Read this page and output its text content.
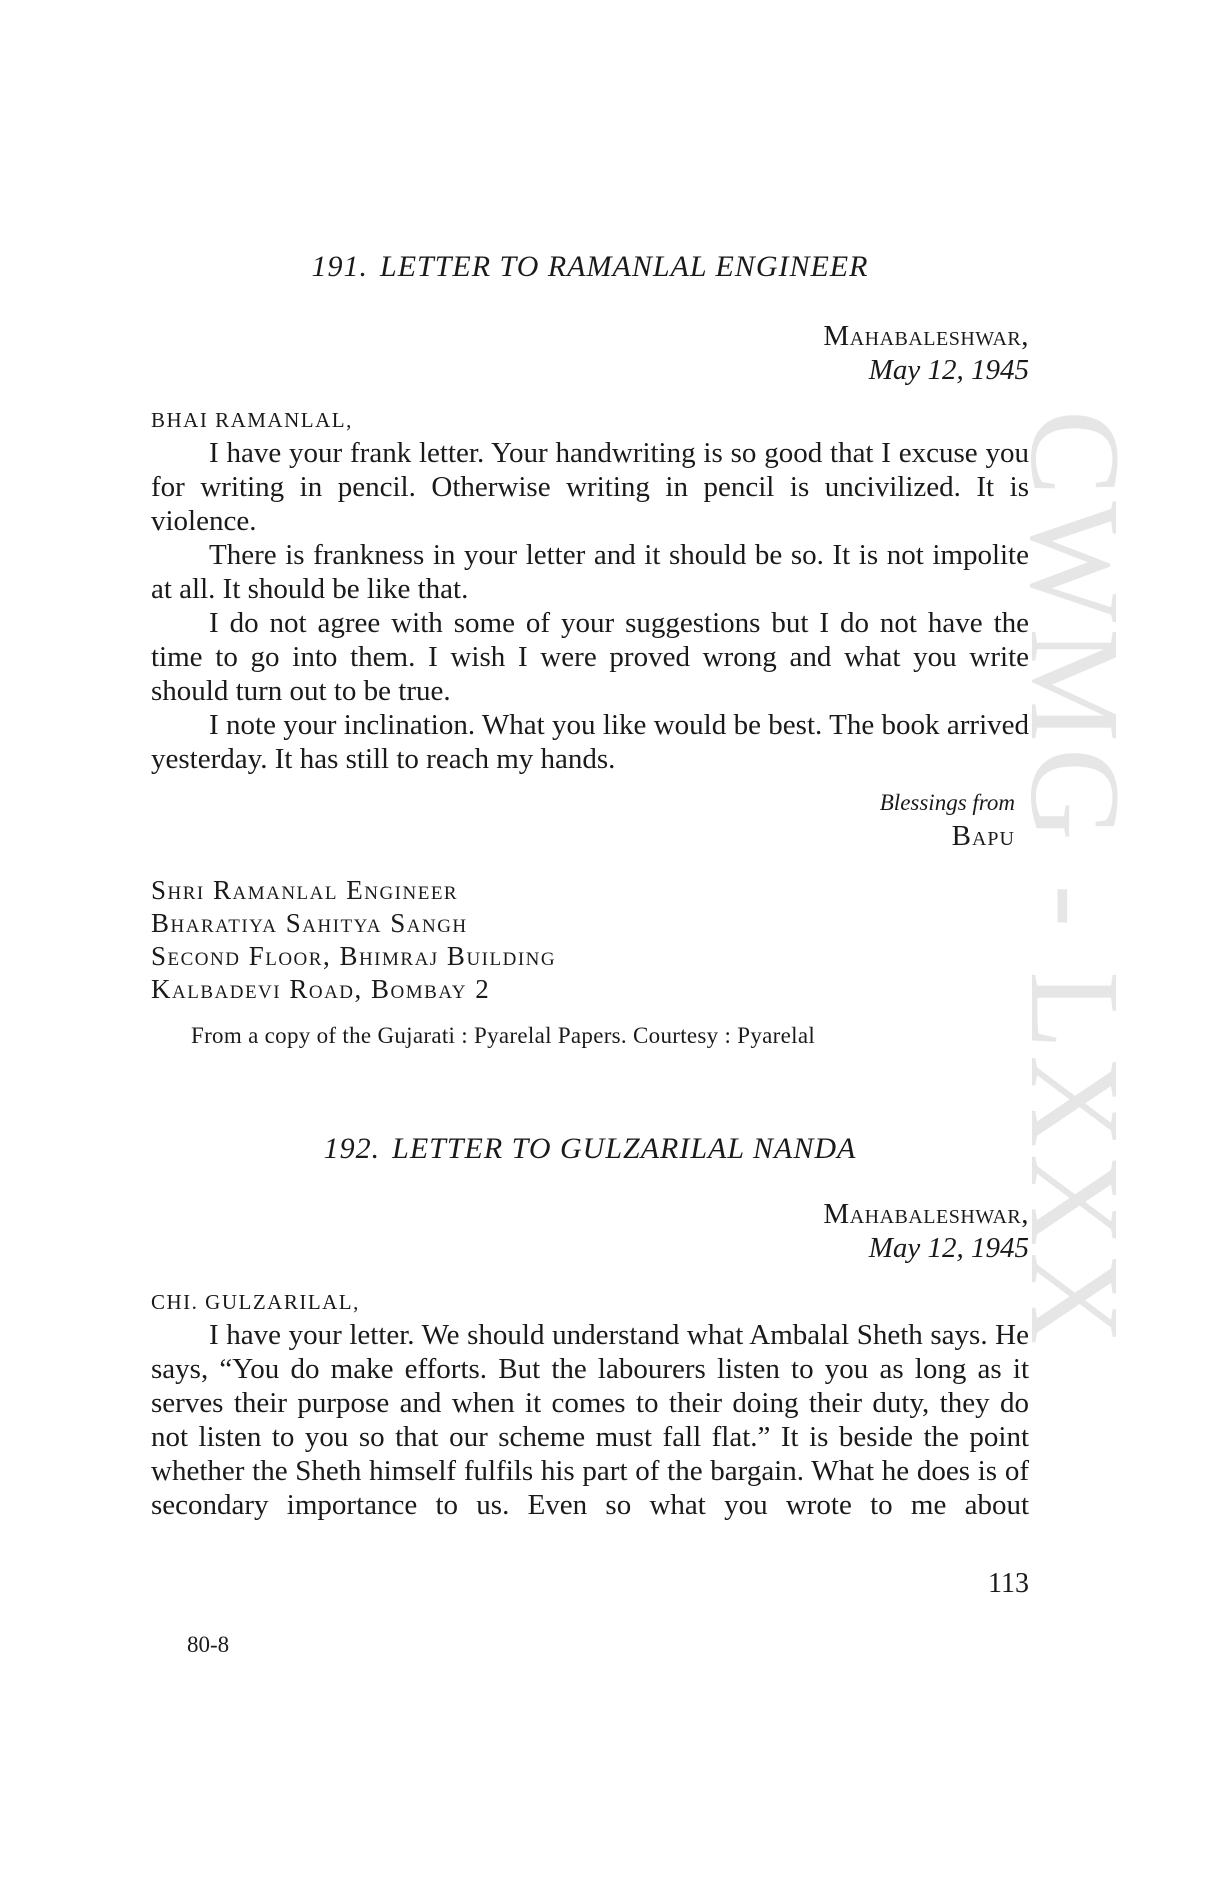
CWMG - LXXX
191. LETTER TO RAMANLAL ENGINEER
Mahabaleshwar,
May 12, 1945
BHAI RAMANLAL,

I have your frank letter. Your handwriting is so good that I excuse you for writing in pencil. Otherwise writing in pencil is uncivilized. It is violence.

There is frankness in your letter and it should be so. It is not impolite at all. It should be like that.

I do not agree with some of your suggestions but I do not have the time to go into them. I wish I were proved wrong and what you write should turn out to be true.

I note your inclination. What you like would be best. The book arrived yesterday. It has still to reach my hands.

Blessings from
Bapu
Shri Ramanlal Engineer
Bharatiya Sahitya Sangh
Second Floor, Bhimraj Building
Kalbadevi Road, Bombay 2
From a copy of the Gujarati : Pyarelal Papers. Courtesy : Pyarelal
192. LETTER TO GULZARILAL NANDA
Mahabaleshwar,
May 12, 1945
CHI. GULZARILAL,

I have your letter. We should understand what Ambalal Sheth says. He says, “You do make efforts. But the labourers listen to you as long as it serves their purpose and when it comes to their doing their duty, they do not listen to you so that our scheme must fall flat.” It is beside the point whether the Sheth himself fulfils his part of the bargain. What he does is of secondary importance to us. Even so what you wrote to me about

113
80-8
